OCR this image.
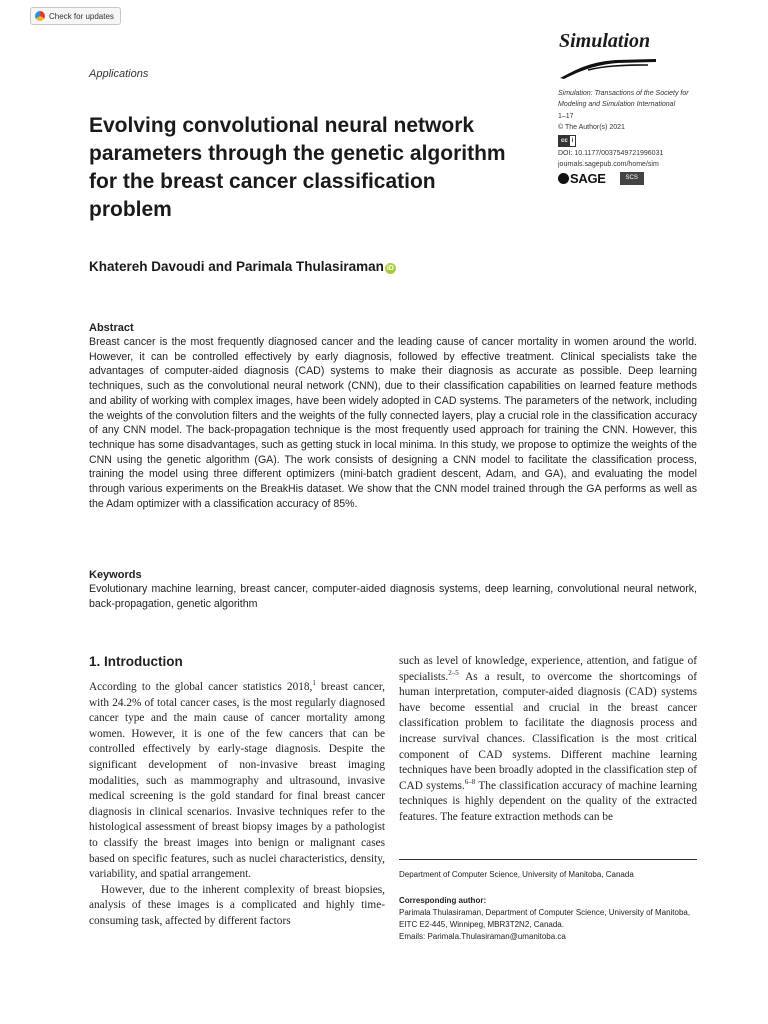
Check for updates
Simulation
Applications
Simulation: Transactions of the Society for Modeling and Simulation International
1–17
© The Author(s) 2021
cc i
DOI: 10.1177/0037549721996031
journals.sagepub.com/home/sim
SAGE	SCS
Evolving convolutional neural network parameters through the genetic algorithm for the breast cancer classification problem
Khatereh Davoudi and Parimala Thulasiraman iD
Abstract

Breast cancer is the most frequently diagnosed cancer and the leading cause of cancer mortality in women around the world. However, it can be controlled effectively by early diagnosis, followed by effective treatment. Clinical specialists take the advantages of computer-aided diagnosis (CAD) systems to make their diagnosis as accurate as possible. Deep learning techniques, such as the convolutional neural network (CNN), due to their classification capabilities on learned feature methods and ability of working with complex images, have been widely adopted in CAD systems. The parameters of the network, including the weights of the convolution filters and the weights of the fully connected layers, play a crucial role in the classification accuracy of any CNN model. The back-propagation technique is the most frequently used approach for training the CNN. However, this technique has some disadvantages, such as getting stuck in local minima. In this study, we propose to optimize the weights of the CNN using the genetic algorithm (GA). The work consists of designing a CNN model to facilitate the classification process, training the model using three different optimizers (mini-batch gradient descent, Adam, and GA), and evaluating the model through various experiments on the BreakHis dataset. We show that the CNN model trained through the GA performs as well as the Adam optimizer with a classification accuracy of 85%.

Keywords

Evolutionary machine learning, breast cancer, computer-aided diagnosis systems, deep learning, convolutional neural network, back-propagation, genetic algorithm

1. Introduction

According to the global cancer statistics 2018,$^1$ breast cancer, with 24.2% of total cancer cases, is the most regularly diagnosed cancer type and the main cause of cancer mortality among women. However, it is one of the few cancers that can be controlled effectively by early-stage diagnosis. Despite the significant development of non-invasive breast imaging modalities, such as mammography and ultrasound, invasive medical screening is the gold standard for final breast cancer diagnosis in clinical scenarios. Invasive techniques refer to the histological assessment of breast biopsy images by a pathologist to classify the breast images into benign or malignant cases based on specific features, such as nuclei characteristics, density, variability, and spatial arrangement.

However, due to the inherent complexity of breast biopsies, analysis of these images is a complicated and highly time-consuming task, affected by different factors

such as level of knowledge, experience, attention, and fatigue of specialists.$^{2-5}$ As a result, to overcome the shortcomings of human interpretation, computer-aided diagnosis (CAD) systems have become essential and crucial in the breast cancer classification problem to facilitate the diagnosis process and increase survival chances. Classification is the most critical component of CAD systems. Different machine learning techniques have been broadly adopted in the classification step of CAD systems.$^{6-8}$ The classification accuracy of machine learning techniques is highly dependent on the quality of the extracted features. The feature extraction methods can be

Department of Computer Science, University of Manitoba, Canada
Corresponding author:
Parimala Thulasiraman, Department of Computer Science, University of Manitoba, EITC E2-445, Winnipeg, MBR3T2N2, Canada.
Emails: Parimala.Thulasiraman@umanitoba.ca
